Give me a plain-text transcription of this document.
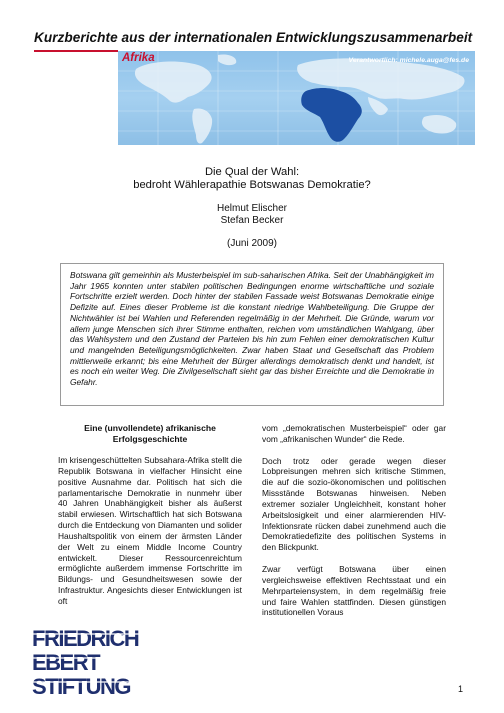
Kurzberichte aus der internationalen Entwicklungszusammenarbeit
Afrika	Verantwortlich: michele.auga@fes.de
Die Qual der Wahl:
bedroht Wählerapathie Botswanas Demokratie?
Helmut Elischer
Stefan Becker
(Juni 2009)

Botswana gilt gemeinhin als Musterbeispiel im sub-saharischen Afrika. Seit der Unabhängigkeit im Jahr 1965 konnten unter stabilen politischen Bedingungen enorme wirtschaftliche und soziale Fortschritte erzielt werden. Doch hinter der stabilen Fassade weist Botswanas Demokratie einige Defizite auf. Eines dieser Probleme ist die konstant niedrige Wahlbeteiligung. Die Gruppe der Nichtwähler ist bei Wahlen und Referenden regelmäßig in der Mehrheit. Die Gründe, warum vor allem junge Menschen sich ihrer Stimme enthalten, reichen vom umständlichen Wahlgang, über das Wahlsystem und den Zustand der Parteien bis hin zum Fehlen einer demokratischen Kultur und mangelnden Beteiligungsmöglichkeiten. Zwar haben Staat und Gesellschaft das Problem mittlerweile erkannt; bis eine Mehrheit der Bürger allerdings demokratisch denkt und handelt, ist es noch ein weiter Weg. Die Zivilgesellschaft sieht gar das bisher Erreichte und die Demokratie in Gefahr.

Eine (unvollendete) afrikanische

Erfolgsgeschichte

Im krisengeschüttelten Subsahara-Afrika stellt die Republik Botswana in vielfacher Hinsicht eine positive Ausnahme dar. Politisch hat sich die parlamentarische Demokratie in nunmehr über 40 Jahren Unabhängigkeit bisher als äußerst stabil erwiesen. Wirtschaftlich hat sich Botswana durch die Entdeckung von Diamanten und solider Haushaltspolitik von einem der ärmsten Länder der Welt zu einem Middle Income Country entwickelt. Dieser Ressourcenreichtum ermöglichte außerdem immense Fortschritte im Bildungs- und Gesundheitswesen sowie der Infrastruktur. Angesichts dieser Entwicklungen ist oft

vom „demokratischen Musterbeispiel“ oder gar vom „afrikanischen Wunder“ die Rede.

Doch trotz oder gerade wegen dieser Lobpreisungen mehren sich kritische Stimmen, die auf die sozio-ökonomischen und politischen Missstände Botswanas hinweisen. Neben extremer sozialer Ungleichheit, konstant hoher Arbeitslosigkeit und einer alarmierenden HIV-Infektionsrate rücken dabei zunehmend auch die Demokratiedefizite des politischen Systems in den Blickpunkt.

Zwar verfügt Botswana über einen vergleichsweise effektiven Rechtsstaat und ein Mehrparteiensystem, in dem regelmäßig freie und faire Wahlen stattfinden. Diesen günstigen institutionellen Voraus

FRIEDRICH
EBERT
STIFTUNG	1
